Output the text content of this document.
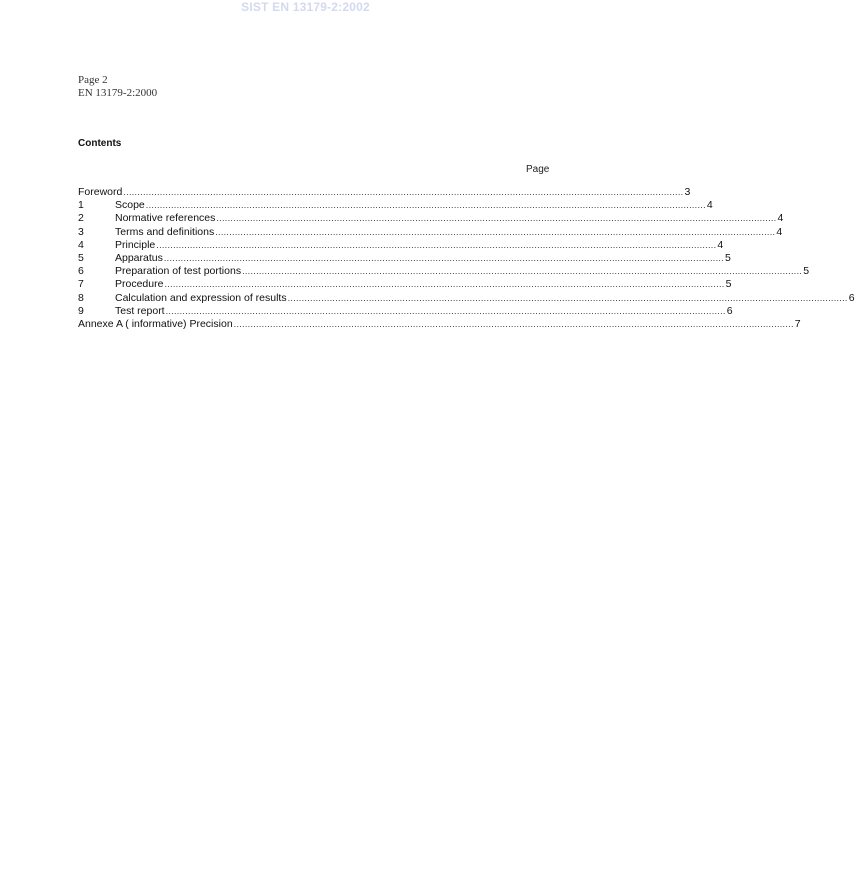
SIST EN 13179-2:2002
Page 2
EN 13179-2:2000
Contents
Page
Foreword ........................................................................................................................................................................................................ 3
1	Scope ........................................................................................................................................................................................................ 4
2	Normative references ........................................................................................................................................................................................................ 4
3	Terms and definitions ........................................................................................................................................................................................................ 4
4	Principle ........................................................................................................................................................................................................ 4
5	Apparatus ........................................................................................................................................................................................................ 5
6	Preparation of test portions ........................................................................................................................................................................................................ 5
7	Procedure ........................................................................................................................................................................................................ 5
8	Calculation and expression of results ........................................................................................................................................................................................................ 6
9	Test report ........................................................................................................................................................................................................ 6
Annexe A ( informative) Precision ........................................................................................................................................................................................................ 7
